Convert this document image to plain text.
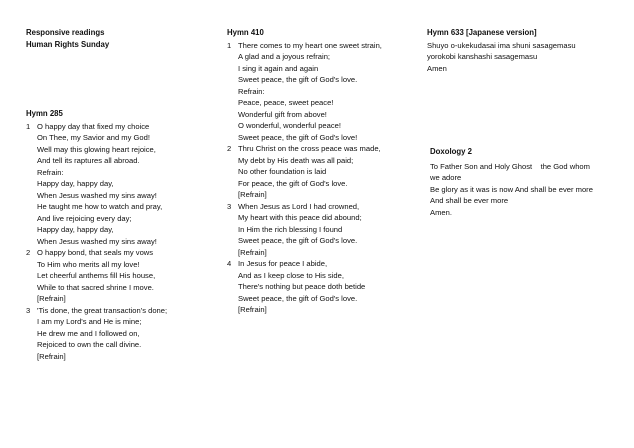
Responsive readings
Human Rights Sunday
Hymn 285
1 O happy day that fixed my choice
On Thee, my Savior and my God!
Well may this glowing heart rejoice,
And tell its raptures all abroad.
Refrain:
Happy day, happy day,
When Jesus washed my sins away!
He taught me how to watch and pray,
And live rejoicing every day;
Happy day, happy day,
When Jesus washed my sins away!
2 O happy bond, that seals my vows
To Him who merits all my love!
Let cheerful anthems fill His house,
While to that sacred shrine I move.
[Refrain]
3 'Tis done, the great transaction's done;
I am my Lord's and He is mine;
He drew me and I followed on,
Rejoiced to own the call divine.
[Refrain]
Hymn 410
1 There comes to my heart one sweet strain,
A glad and a joyous refrain;
I sing it again and again
Sweet peace, the gift of God's love.
Refrain:
Peace, peace, sweet peace!
Wonderful gift from above!
O wonderful, wonderful peace!
Sweet peace, the gift of God's love!
2 Thru Christ on the cross peace was made,
My debt by His death was all paid;
No other foundation is laid
For peace, the gift of God's love.
[Refrain]
3 When Jesus as Lord I had crowned,
My heart with this peace did abound;
In Him the rich blessing I found
Sweet peace, the gift of God's love.
[Refrain]
4 In Jesus for peace I abide,
And as I keep close to His side,
There's nothing but peace doth betide
Sweet peace, the gift of God's love.
[Refrain]
Hymn 633 [Japanese version]
Shuyo o-ukekudasai ima shuni sasagemasu
yorokobi kanshashi sasagemasu
Amen
Doxology 2
To Father Son and Holy Ghost    the God whom
we adore
Be glory as it was is now And shall be ever more
And shall be ever more
Amen.
